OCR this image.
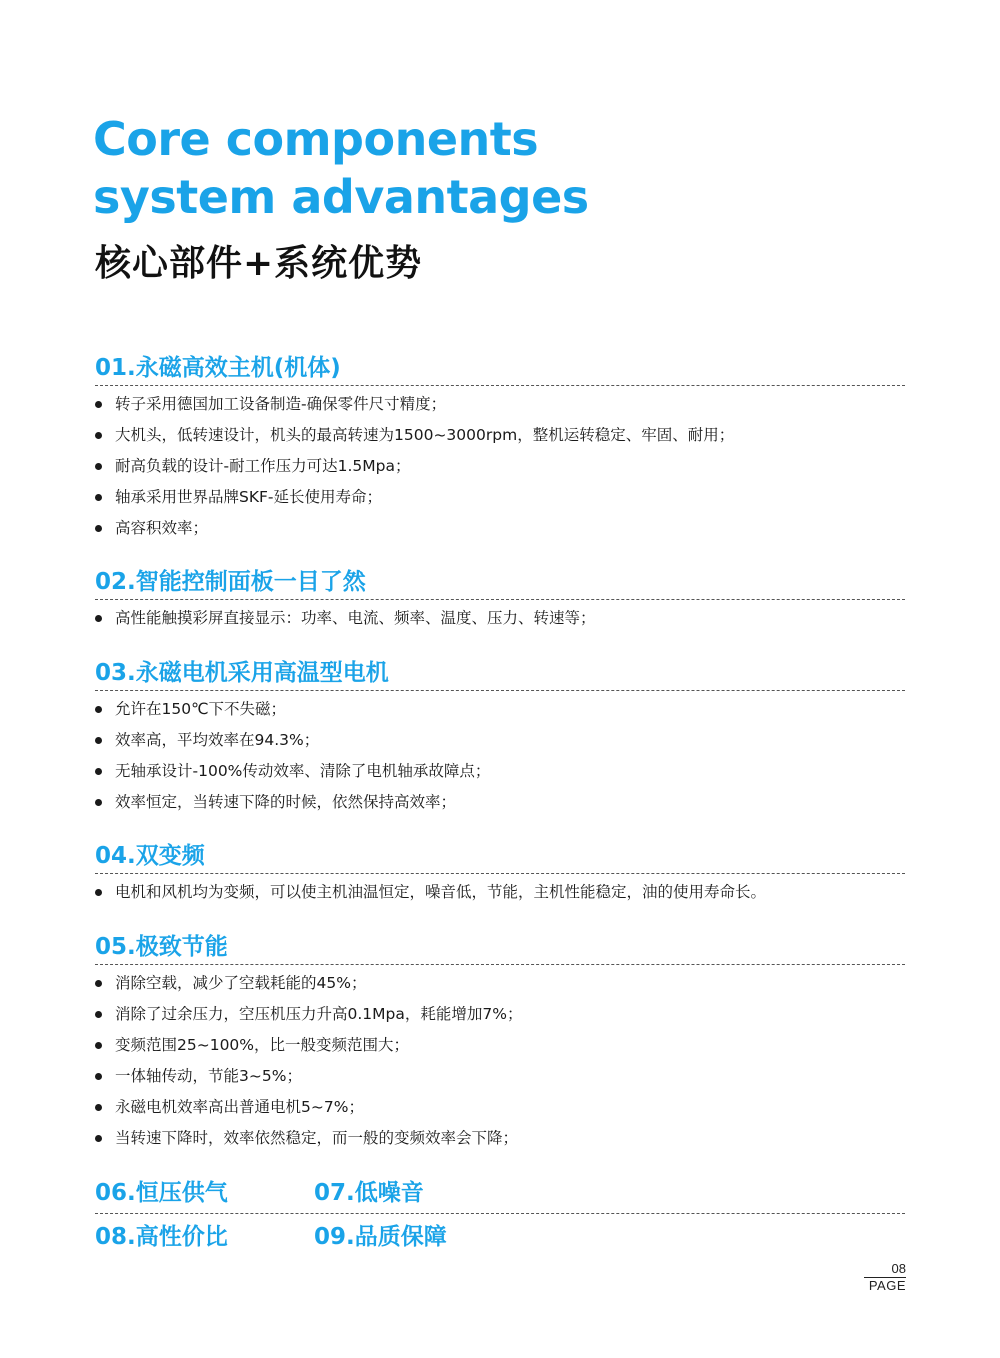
Core components
system advantages
核心部件+系统优势
01.永磁高效主机(机体)
转子采用德国加工设备制造-确保零件尺寸精度；
大机头，低转速设计，机头的最高转速为1500~3000rpm，整机运转稳定、牢固、耐用；
耐高负载的设计-耐工作压力可达1.5Mpa；
轴承采用世界品牌SKF-延长使用寿命；
高容积效率；
02.智能控制面板一目了然
高性能触摸彩屏直接显示：功率、电流、频率、温度、压力、转速等；
03.永磁电机采用高温型电机
允许在150℃下不失磁；
效率高，平均效率在94.3%；
无轴承设计-100%传动效率、清除了电机轴承故障点；
效率恒定，当转速下降的时候，依然保持高效率；
04.双变频
电机和风机均为变频，可以使主机油温恒定，噪音低，节能，主机性能稳定，油的使用寿命长。
05.极致节能
消除空载，减少了空载耗能的45%；
消除了过余压力，空压机压力升高0.1Mpa，耗能增加7%；
变频范围25~100%，比一般变频范围大；
一体轴传动，节能3~5%；
永磁电机效率高出普通电机5~7%；
当转速下降时，效率依然稳定，而一般的变频效率会下降；
06.恒压供气	07.低噪音
08.高性价比	09.品质保障
08
PAGE
